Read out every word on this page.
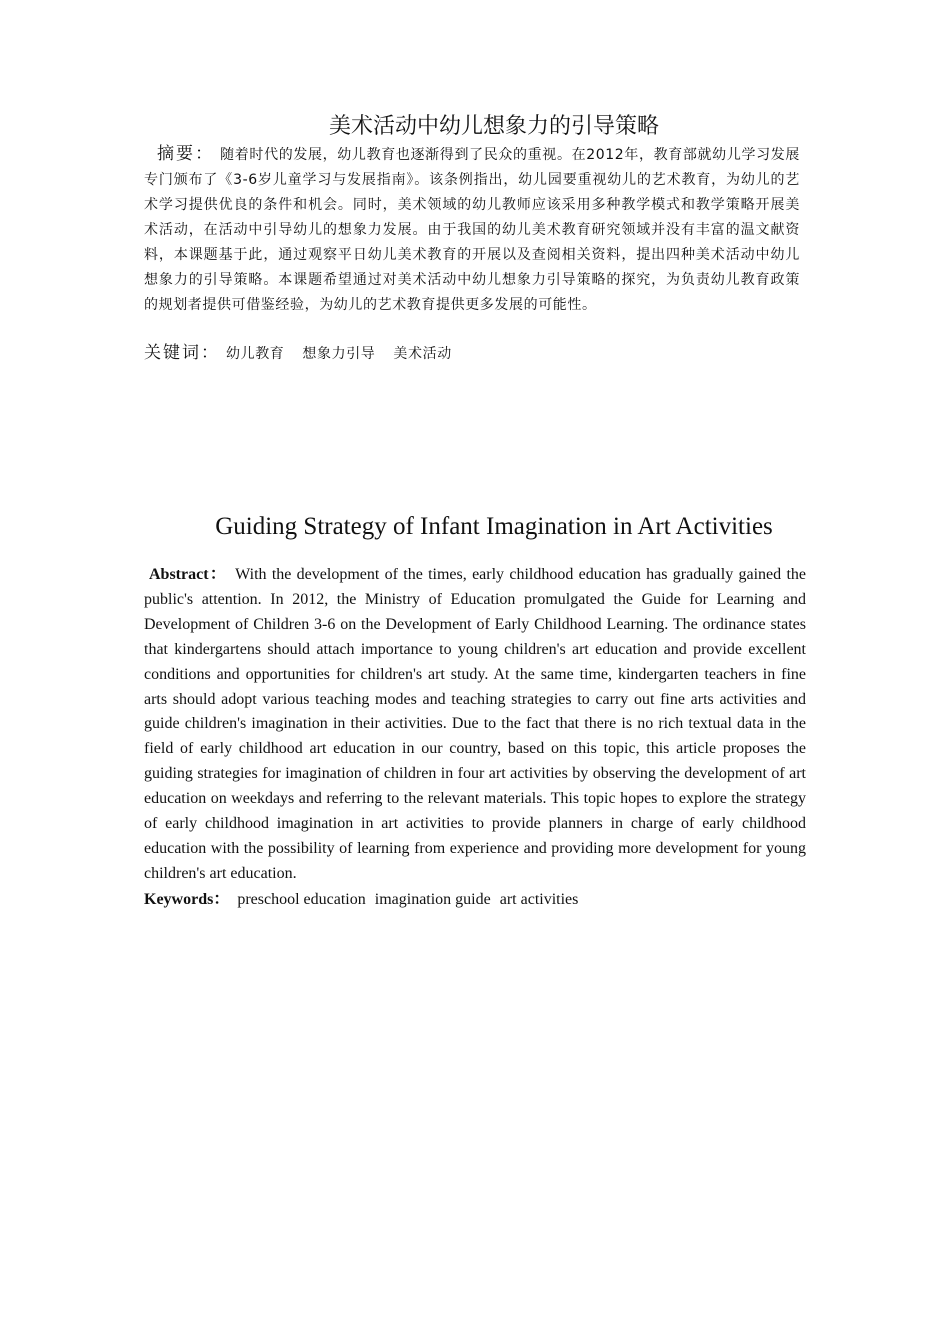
美术活动中幼儿想象力的引导策略

摘要： 随着时代的发展，幼儿教育也逐渐得到了民众的重视。在2012年，教育部就幼儿学习发展专门颁布了《3-6岁儿童学习与发展指南》。该条例指出，幼儿园要重视幼儿的艺术教育，为幼儿的艺术学习提供优良的条件和机会。同时，美术领域的幼儿教师应该采用多种教学模式和教学策略开展美术活动，在活动中引导幼儿的想象力发展。由于我国的幼儿美术教育研究领域并没有丰富的温文献资料，本课题基于此，通过观察平日幼儿美术教育的开展以及查阅相关资料，提出四种美术活动中幼儿想象力的引导策略。本课题希望通过对美术活动中幼儿想象力引导策略的探究，为负责幼儿教育政策的规划者提供可借鉴经验，为幼儿的艺术教育提供更多发展的可能性。

关键词： 幼儿教育 想象力引导 美术活动

Guiding Strategy of Infant Imagination in Art Activities

Abstract： With the development of the times, early childhood education has gradually gained the public's attention. In 2012, the Ministry of Education promulgated the Guide for Learning and Development of Children 3-6 on the Development of Early Childhood Learning. The ordinance states that kindergartens should attach importance to young children's art education and provide excellent conditions and opportunities for children's art study. At the same time, kindergarten teachers in fine arts should adopt various teaching modes and teaching strategies to carry out fine arts activities and guide children's imagination in their activities. Due to the fact that there is no rich textual data in the field of early childhood art education in our country, based on this topic, this article proposes the guiding strategies for imagination of children in four art activities by observing the development of art education on weekdays and referring to the relevant materials. This topic hopes to explore the strategy of early childhood imagination in art activities to provide planners in charge of early childhood education with the possibility of learning from experience and providing more development for young children's art education.

Keywords： preschool education imagination guide art activities
